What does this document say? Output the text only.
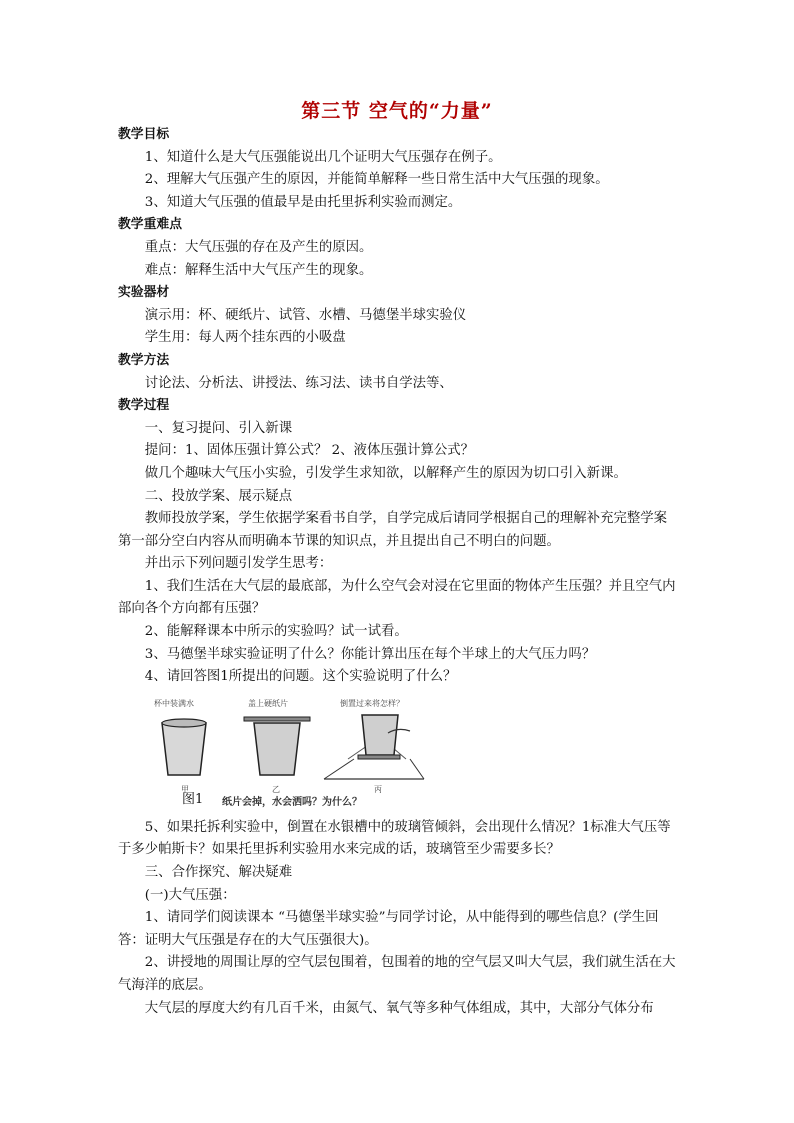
第三节 空气的“力量”
教学目标
1、知道什么是大气压强能说出几个证明大气压强存在例子。
2、理解大气压强产生的原因，并能简单解释一些日常生活中大气压强的现象。
3、知道大气压强的值最早是由托里拆利实验而测定。
教学重难点
重点：大气压强的存在及产生的原因。
难点：解释生活中大气压产生的现象。
实验器材
演示用：杯、硬纸片、试管、水槽、马德堡半球实验仪
学生用：每人两个挂东西的小吸盘
教学方法
讨论法、分析法、讲授法、练习法、读书自学法等、
教学过程
一、复习提问、引入新课
提问：1、固体压强计算公式？ 2、液体压强计算公式？
做几个趣味大气压小实验，引发学生求知欲，以解释产生的原因为切口引入新课。
二、投放学案、展示疑点
教师投放学案，学生依据学案看书自学，自学完成后请同学根据自己的理解补充完整学案第一部分空白内容从而明确本节课的知识点，并且提出自己不明白的问题。
并出示下列问题引发学生思考：
1、我们生活在大气层的最底部，为什么空气会对浸在它里面的物体产生压强？并且空气内部向各个方向都有压强？
2、能解释课本中所示的实验吗？试一试看。
3、马德堡半球实验证明了什么？你能计算出压在每个半球上的大气压力吗？
4、请回答图1所提出的问题。这个实验说明了什么？
杯中装满水	盖上硬纸片	倒置过来将怎样？
甲	乙	丙
图1 纸片会掉，水会洒吗？为什么？
5、如果托拆利实验中，倒置在水银槽中的玻璃管倾斜，会出现什么情况？1标准大气压等于多少帕斯卡？如果托里拆利实验用水来完成的话，玻璃管至少需要多长？
三、合作探究、解决疑难
(一)大气压强：
1、请同学们阅读课本 “马德堡半球实验”与同学讨论，从中能得到的哪些信息？(学生回答：证明大气压强是存在的大气压强很大)。
2、讲授地的周围让厚的空气层包围着，包围着的地的空气层又叫大气层，我们就生活在大气海洋的底层。
大气层的厚度大约有几百千米，由氮气、氧气等多种气体组成，其中，大部分气体分布
